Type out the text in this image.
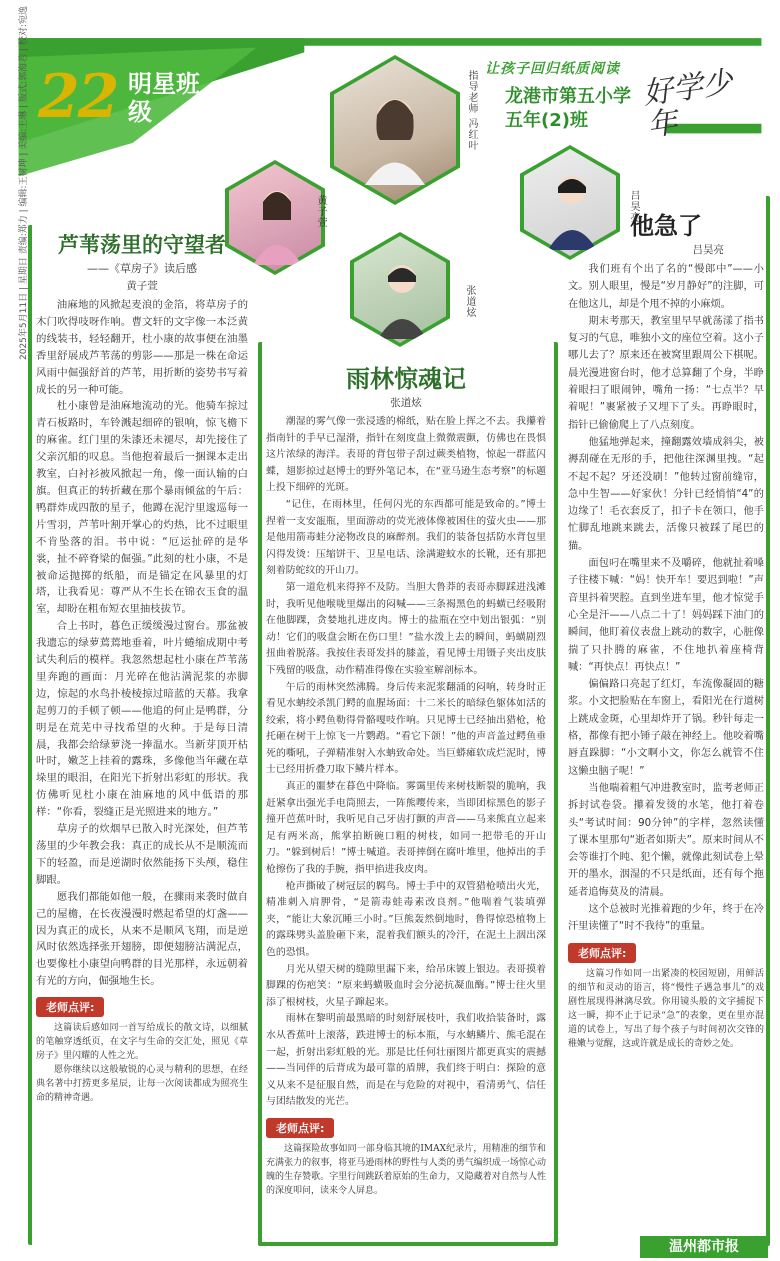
22 明星班级
让孩子回归纸质阅读
龙港市第五小学
五年(2)班
好学少年
2025年5月11日 | 星期日 责编:郑力 | 编辑:王树坤 | 美编:王琳 | 版式:郭海若 | 校对:宛逸	指导老师 冯红叶
黄子萱
张道炫
吕昊亮
芦苇荡里的守望者
——《草房子》读后感
黄子萱

油麻地的风掀起麦浪的金箔，将草房子的木门吹得吱呀作响。曹文轩的文字像一本泛黄的线装书，轻轻翻开，杜小康的故事便在油墨香里舒展成芦苇荡的剪影——那是一株在命运风雨中倔强舒首的芦苇，用折断的姿势书写着成长的另一种可能。

杜小康曾是油麻地流动的光。他骑车掠过青石板路时，车铃溅起细碎的银响，惊飞檐下的麻雀。红门里的朱漆还未褪尽，却先接住了父亲沉船的叹息。当他抱着最后一捆课本走出教室，白衬衫被风掀起一角，像一面认输的白旗。但真正的转折藏在那个暴雨倾盆的午后：鸭群炸成四散的星子，他蹲在泥泞里逡巡每一片雪羽，芦苇叶割开掌心的灼热，比不过眼里不肯坠落的泪。书中说：“厄运扯碎的是华裳，扯不碎脊梁的倔强。”此刻的杜小康，不是被命运抛掷的纸船，而是锚定在风暴里的灯塔，让我看见：尊严从不生长在锦衣玉食的温室，却盼在粗布短衣里抽枝拔节。

合上书时，暮色正缓缓漫过窗台。那盆被我遗忘的绿萝蔫蔫地垂着，叶片蜷缩成期中考试失利后的模样。我忽然想起杜小康在芦苇荡里奔跑的画面：月光碎在他沾满泥浆的赤脚边，惊起的水鸟扑棱棱掠过暗蓝的天幕。我拿起剪刀的手顿了顿——他追的何止是鸭群，分明是在荒芜中寻找希望的火种。于是每日清晨，我都会给绿萝浇一捧温水。当新芽顶开枯叶时，嫩芝上挂着的露珠，多像他当年藏在草垛里的眼泪，在阳光下折射出彩虹的形状。我仿佛听见杜小康在油麻地的风中低语的那样：“你看，裂缝正是光照进来的地方。”

草房子的炊烟早已散入时光深处，但芦苇荡里的少年教会我：真正的成长从不是顺流而下的轻盈，而是逆湖时依然能扬下头颅，稳住脚跟。

愿我们都能如他一般，在骤雨来袭时做自己的屋檐，在长夜漫漫时燃起希望的灯盏——因为真正的成长，从来不是顺风飞翔，而是逆风时依然选择张开翅膀，即便翅膀沾满泥点，也要像杜小康望向鸭群的目光那样，永远朝着有光的方向，倔强地生长。

老师点评:

这篇读后感如同一首写给成长的散文诗，以细腻的笔触穿透纸页，在文字与生命的交汇处，照见《草房子》里闪耀的人性之光。

愿你继续以这般敏锐的心灵与精利的思想，在经典名著中打捞更多星辰，让每一次阅读都成为照亮生命的精神奇遇。

雨林惊魂记
张道炫

潮湿的雾气像一张浸透的棉纸，贴在脸上挥之不去。我攥着指南针的手早已湿滑，指针在刻度盘上微微震颤，仿佛也在畏惧这片浓绿的海洋。表哥的背包带子刮过蕨类植物，惊起一群蓝闪蝶，翅影掠过赵博士的野外笔记本，在“亚马逊生态考察”的标题上投下细碎的光斑。

“记住，在雨林里，任何闪光的东西都可能是致命的。”博士捏着一支安瓿瓶，里面游动的荧光液体像被困住的萤火虫——那是他用箭毒蛙分泌物改良的麻醉剂。我们的装备包括防水背包里闪得发烫：压缩饼干、卫星电话、涂满避蚊水的长靴，还有那把刻着防蛇纹的开山刀。

第一道危机来得猝不及防。当胆大鲁莽的表哥赤脚踩进浅滩时，我听见他喉咙里爆出的闷喊——三条褐黑色的蚂蟥已经吸附在他脚踝，贪婪地扎进皮肉。博士的盐瓶在空中划出银弧：“别动！它们的吸盘会断在伤口里！”盐水泼上去的瞬间，蚂蟥剧烈扭曲着脱落。我按住表哥发抖的膝盖，看见博士用镊子夹出皮肤下残留的吸盘，动作精准得像在实验室解剖标本。

午后的雨林突然沸腾。身后传来泥浆翻涌的闷响，转身时正看见水蚺绞杀凯门鳄的血腥场面：十二米长的暗绿色躯体如活的绞索，将小鳄鱼勒得骨骼嘎吱作响。只见博士已经抽出猎枪，枪托砸在树干上惊飞一片鹦鹉。“看它下颌！”他的声音盖过鳄鱼垂死的嘶吼，子弹精准射入水蚺致命处。当巨蟒瘫软成烂泥时，博士已经用折叠刀取下鳞片样本。

真正的噩梦在暮色中降临。雾霭里传来树枝断裂的脆响，我赶紧拿出强光手电筒照去，一阵熊嘤传来，当即团棕黑色的影子撞开芭蕉叶时，我听见自己牙齿打颤的声音——马来熊直立起来足有两米高，熊掌拍断碗口粗的树枝，如同一把带毛的开山刀。“躲到树后！”博士喊道。表哥摔倒在腐叶堆里，他掉出的手枪擦伤了我的手腕，指甲掐进我皮肉。

枪声撕破了树冠层的羁鸟。博士手中的双管猎枪喷出火光，精准刺入肩胛骨，“是箭毒蛙毒素改良剂。”他喘着气装填弹夹，“能让大象沉睡三小时。”巨熊轰然倒地时，鲁得惊恐植物上的露珠劈头盖脸砸下来，混着我们额头的冷汗，在泥土上洇出深色的恐惧。

月光从望天树的缝隙里漏下来，给吊床镀上银边。表哥摸着脚踝的伤疤笑：“原来蚂蟥吸血时会分泌抗凝血酶。”博士往火里添了根树枝，火星子蹿起来。

雨林在黎明前最黑暗的时刻舒展枝叶，我们收拾装备时，露水从香蕉叶上滚落，跌进博士的标本瓶，与水蚺鳞片、熊毛混在一起，折射出彩虹般的光。那是比任何壮丽图片都更真实的震撼——当同伴的后背成为最可靠的盾牌，我们终于明白：探险的意义从来不是征服自然，而是在与危险的对视中，看清勇气、信任与团结散发的光芒。

老师点评:

这篇探险故事如同一部身临其境的IMAX纪录片，用精准的细节和充满张力的叙事，将亚马逊雨林的野性与人类的勇气编织成一场惊心动魄的生存赞歌。字里行间跳跃着原始的生命力，又隐藏着对自然与人性的深度叩问，读来令人屏息。

他急了
吕昊亮

我们班有个出了名的“慢郎中”——小文。别人眼里，慢是“岁月静好”的注脚，可在他这儿，却是个甩不掉的小麻烦。

期末考那天，教室里早早就荡漾了指书复习的气息，唯独小文的座位空着。这小子哪儿去了？原来还在被窝里跟周公下棋呢。晨光漫进窗台时，他才总算翻了个身，半睁着眼扫了眼闹钟，嘴角一扬：“七点半？早着呢！”裹紧被子又埋下了头。再睁眼时，指针已偷偷爬上了八点刻度。

他猛地弹起来，撞翻露效墙成斜尖，被褥刮碰在无形的手，把他往深渊里拽。“起不起不起？牙还没刷！”他转过窗前缝帘，急中生智——好家伙！分针已经悄悄“4”的边缘了！毛衣套反了，扣子卡在领口，他手忙脚乱地跳来跳去，活像只被踩了尾巴的猫。

面包叼在嘴里来不及嚼碎，他就扯着嗓子往楼下喊：“妈！快开车！要迟到啦！”声音里抖着哭腔。直到坐进车里，他才惊觉手心全是汗——八点二十了！妈妈踩下油门的瞬间，他盯着仪表盘上跳动的数字，心脏像揣了只扑腾的麻雀，不住地扒着座椅背喊：“再快点！再快点！”

偏偏路口亮起了红灯，车流像凝固的糖浆。小文把脸贴在车窗上，看阳光在行道树上跳成金斑，心里却炸开了锅。秒针每走一格，都像有把小锤子敲在神经上。他咬着嘴唇直跺脚：“小文啊小文，你怎么就管不住这懒虫脑子呢！”

当他喘着粗气冲进教室时，监考老师正拆封试卷袋。攥着发烫的水笔，他打着卷头“考试时间：90分钟”的字样，忽然读懂了课本里那句“逝者如斯夫”。原来时间从不会等谁打个盹、犯个懒，就像此刻试卷上晕开的墨水，洇湿的不只是纸面，还有每个拖延者追悔莫及的清晨。

这个总被时光推着跑的少年，终于在冷汗里读懂了“时不我待”的重量。

老师点评:

这篇习作如同一出紧凑的校园短剧，用鲜活的细节和灵动的语言，将“慢性子遇急事儿”的戏剧性展现得淋漓尽致。你用镜头般的文字捕捉下这一瞬，抑不止于记录“急”的表象，更在里亦混道的试卷上，写出了每个孩子与时间初次交锋的稚嫩与觉醒，这或许就是成长的奇妙之处。

温州都市报
